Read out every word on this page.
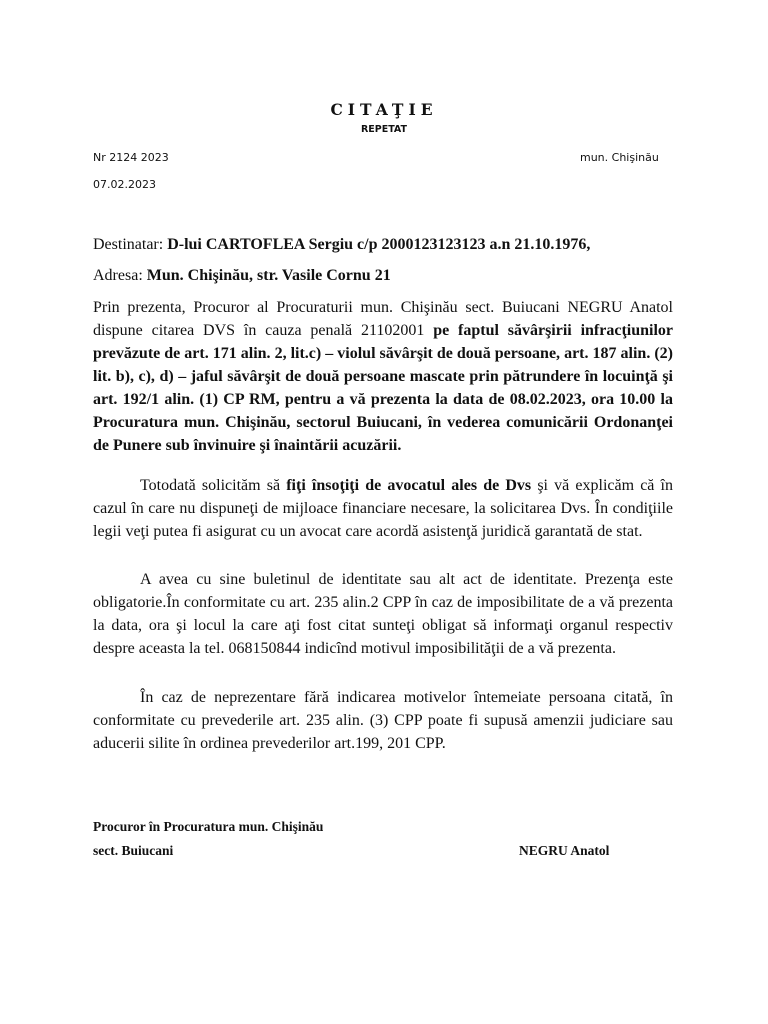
CITAŢIE
REPETAT
Nr 2124 2023	mun. Chişinău
07.02.2023
Destinatar: D-lui CARTOFLEA Sergiu c/p 2000123123123 a.n 21.10.1976,
Adresa: Mun. Chişinău, str. Vasile Cornu 21
Prin prezenta, Procuror al Procuraturii mun. Chişinău sect. Buiucani NEGRU Anatol dispune citarea DVS în cauza penală 21102001 pe faptul săvârşirii infracţiunilor prevăzute de art. 171 alin. 2, lit.c) – violul săvârşit de două persoane, art. 187 alin. (2) lit. b), c), d) – jaful săvârşit de două persoane mascate prin pătrundere în locuinţă şi art. 192/1 alin. (1) CP RM, pentru a vă prezenta la data de 08.02.2023, ora 10.00 la Procuratura mun. Chişinău, sectorul Buiucani, în vederea comunicării Ordonanţei de Punere sub învinuire şi înaintării acuzării.
Totodată solicităm să fiţi însoţiţi de avocatul ales de Dvs şi vă explicăm că în cazul în care nu dispuneţi de mijloace financiare necesare, la solicitarea Dvs. În condiţiile legii veţi putea fi asigurat cu un avocat care acordă asistenţă juridică garantată de stat.
A avea cu sine buletinul de identitate sau alt act de identitate. Prezenţa este obligatorie.În conformitate cu art. 235 alin.2 CPP în caz de imposibilitate de a vă prezenta la data, ora şi locul la care aţi fost citat sunteţi obligat să informaţi organul respectiv despre aceasta la tel. 068150844 indicînd motivul imposibilităţii de a vă prezenta.
În caz de neprezentare fără indicarea motivelor întemeiate persoana citată, în conformitate cu prevederile art. 235 alin. (3) CPP poate fi supusă amenzii judiciare sau aducerii silite în ordinea prevederilor art.199, 201 CPP.
Procuror în Procuratura mun. Chişinău
sect. Buiucani	NEGRU Anatol
